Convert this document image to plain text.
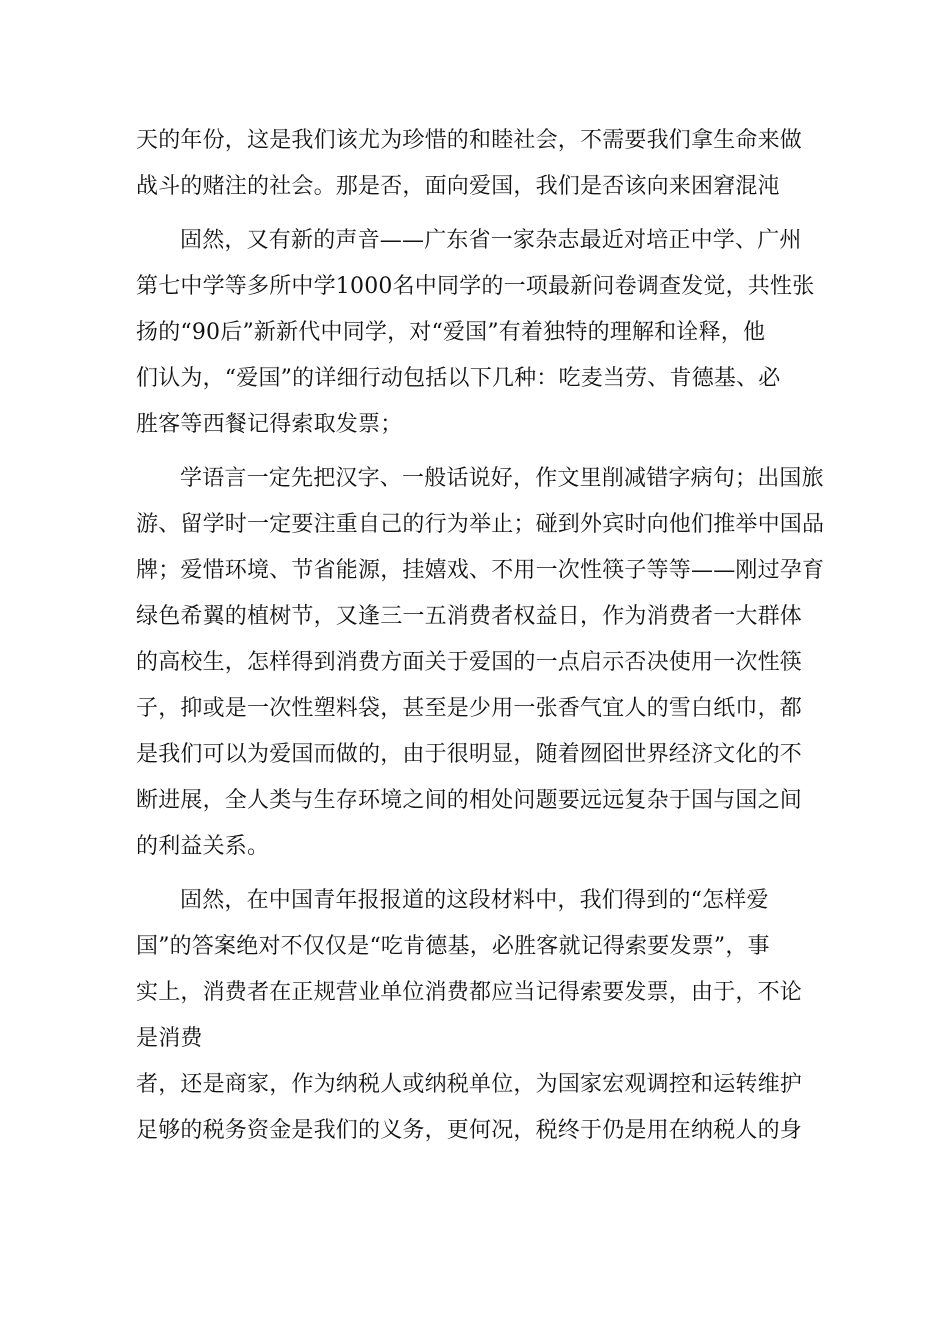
天的年份，这是我们该尤为珍惜的和睦社会，不需要我们拿生命来做

战斗的赌注的社会。那是否，面向爱国，我们是否该向来困窘混沌

固然，又有新的声音——广东省一家杂志最近对培正中学、广州

第七中学等多所中学1000名中同学的一项最新问卷调查发觉，共性张

扬的“90后”新新代中同学，对“爱国”有着独特的理解和诠释，他

们认为，“爱国”的详细行动包括以下几种：吃麦当劳、肯德基、必

胜客等西餐记得索取发票；

学语言一定先把汉字、一般话说好，作文里削减错字病句；出国旅

游、留学时一定要注重自己的行为举止；碰到外宾时向他们推举中国品

牌；爱惜环境、节省能源，挂嬉戏、不用一次性筷子等等——刚过孕育

绿色希翼的植树节，又逢三一五消费者权益日，作为消费者一大群体

的高校生，怎样得到消费方面关于爱国的一点启示否决使用一次性筷

子，抑或是一次性塑料袋，甚至是少用一张香气宜人的雪白纸巾，都

是我们可以为爱国而做的，由于很明显，随着囫囵世界经济文化的不

断进展，全人类与生存环境之间的相处问题要远远复杂于国与国之间

的利益关系。

固然，在中国青年报报道的这段材料中，我们得到的“怎样爱

国”的答案绝对不仅仅是“吃肯德基，必胜客就记得索要发票”，事

实上，消费者在正规营业单位消费都应当记得索要发票，由于，不论

是消费

者，还是商家，作为纳税人或纳税单位，为国家宏观调控和运转维护

足够的税务资金是我们的义务，更何况，税终于仍是用在纳税人的身
